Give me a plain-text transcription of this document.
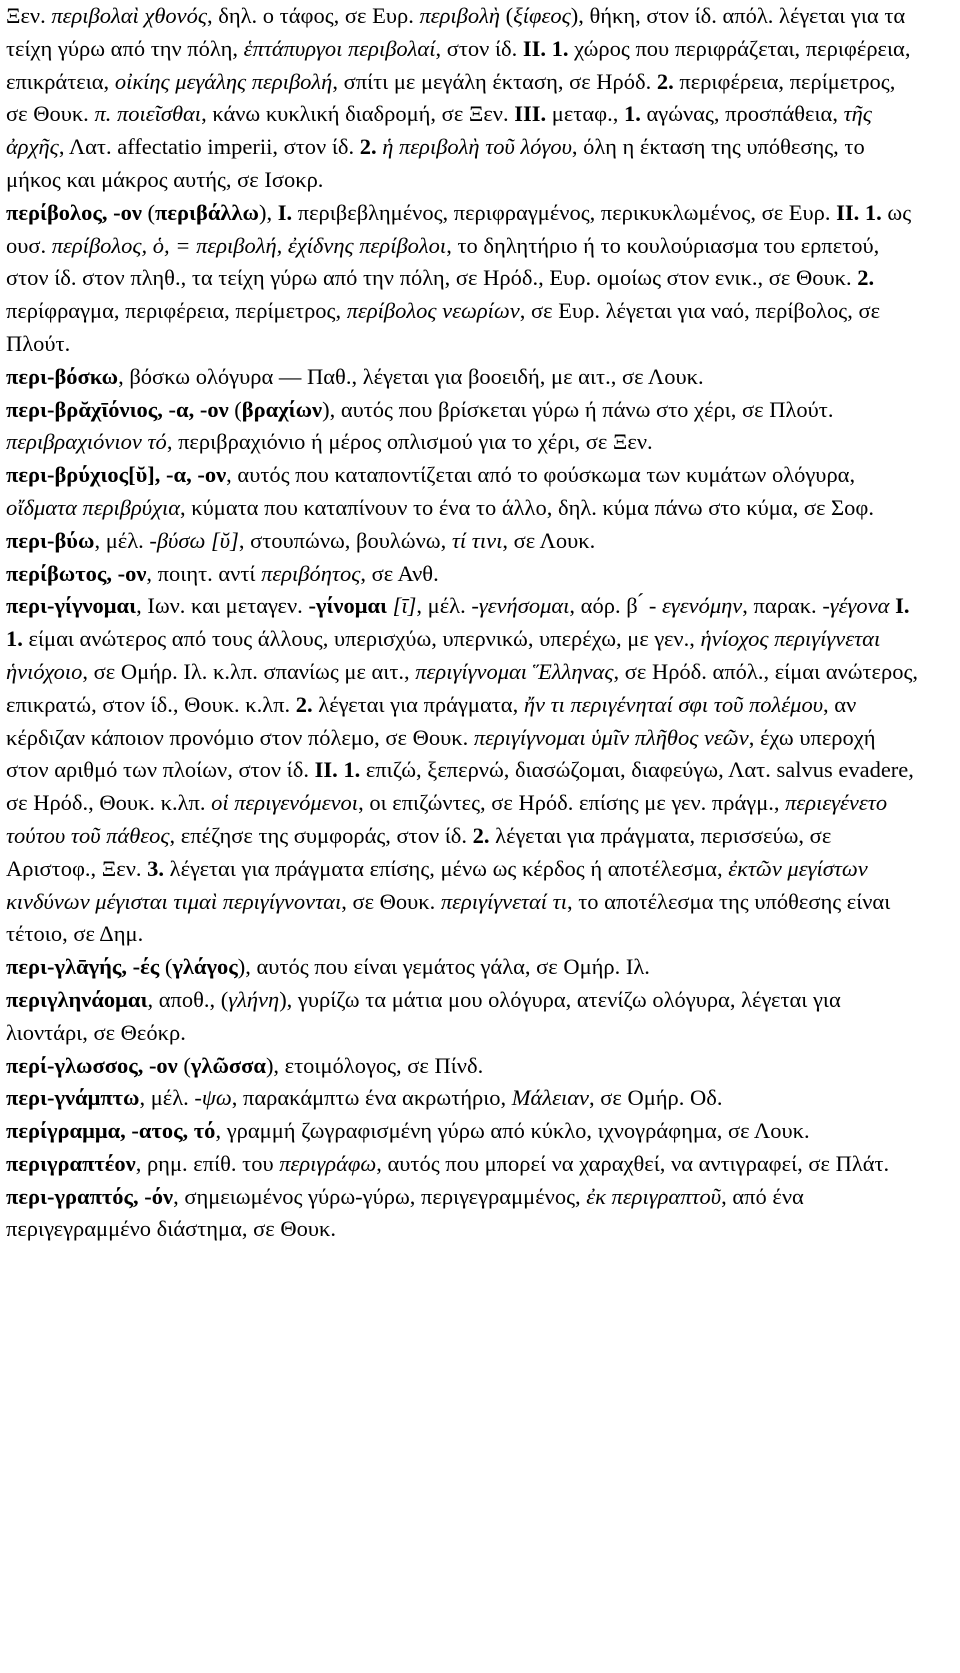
Ξεν. περιβολαὶ χθονός, δηλ. ο τάφος, σε Ευρ. περιβολὴ (ξίφεος), θήκη, στον ίδ. απόλ. λέγεται για τα τείχη γύρω από την πόλη, ἑπτάπυργοι περιβολαί, στον ίδ. II. 1. χώρος που περιφράζεται, περιφέρεια, επικράτεια, οἰκίης μεγάλης περιβολή, σπίτι με μεγάλη έκταση, σε Ηρόδ. 2. περιφέρεια, περίμετρος, σε Θουκ. π. ποιεῖσθαι, κάνω κυκλική διαδρομή, σε Ξεν. III. μεταφ., 1. αγώνας, προσπάθεια, τῆς ἀρχῆς, Λατ. affectatio imperii, στον ίδ. 2. ἡ περιβολὴ τοῦ λόγου, όλη η έκταση της υπόθεσης, το μήκος και μάκρος αυτής, σε Ισοκρ.

περίβολος, -ον (περιβάλλω), I. περιβεβλημένος, περιφραγμένος, περικυκλωμένος, σε Ευρ. II. 1. ως ουσ. περίβολος, ὁ, = περιβολή, ἐχίδνης περίβολοι, το δηλητήριο ή το κουλούριασμα του ερπετού, στον ίδ. στον πληθ., τα τείχη γύρω από την πόλη, σε Ηρόδ., Ευρ. ομοίως στον ενικ., σε Θουκ. 2. περίφραγμα, περιφέρεια, περίμετρος, περίβολος νεωρίων, σε Ευρ. λέγεται για ναό, περίβολος, σε Πλούτ.

περι-βόσκω, βόσκω ολόγυρα — Παθ., λέγεται για βοοειδή, με αιτ., σε Λουκ.

περι-βρᾰχῑόνιος, -α, -ον (βραχίων), αυτός που βρίσκεται γύρω ή πάνω στο χέρι, σε Πλούτ. περιβραχιόνιον τό, περιβραχιόνιο ή μέρος οπλισμού για το χέρι, σε Ξεν.

περι-βρύχιος[ῠ], -α, -ον, αυτός που καταποντίζεται από το φούσκωμα των κυμάτων ολόγυρα, οἴδματα περιβρύχια, κύματα που καταπίνουν το ένα το άλλο, δηλ. κύμα πάνω στο κύμα, σε Σοφ.

περι-βύω, μέλ. -βύσω [ῠ], στουπώνω, βουλώνω, τί τινι, σε Λουκ.

περίβωτος, -ον, ποιητ. αντί περιβόητος, σε Ανθ.

περι-γίγνομαι, Ιων. και μεταγεν. -γίνομαι [ῑ], μέλ. -γενήσομαι, αόρ. β ́ - εγενόμην, παρακ. -γέγονα I. 1. είμαι ανώτερος από τους άλλους, υπερισχύω, υπερνικώ, υπερέχω, με γεν., ἡνίοχος περιγίγνεται ἡνιόχοιο, σε Ομήρ. Ιλ. κ.λπ. σπανίως με αιτ., περιγίγνομαι Ἕλληνας, σε Ηρόδ. απόλ., είμαι ανώτερος, επικρατώ, στον ίδ., Θουκ. κ.λπ. 2. λέγεται για πράγματα, ἤν τι περιγένηταί σφι τοῦ πολέμου, αν κέρδιζαν κάποιον προνόμιο στον πόλεμο, σε Θουκ. περιγίγνομαι ὑμῖν πλῆθος νεῶν, έχω υπεροχή στον αριθμό των πλοίων, στον ίδ. II. 1. επιζώ, ξεπερνώ, διασώζομαι, διαφεύγω, Λατ. salvus evadere, σε Ηρόδ., Θουκ. κ.λπ. οἱ περιγενόμενοι, οι επιζώντες, σε Ηρόδ. επίσης με γεν. πράγμ., περιεγένετο τούτου τοῦ πάθεος, επέζησε της συμφοράς, στον ίδ. 2. λέγεται για πράγματα, περισσεύω, σε Αριστοφ., Ξεν. 3. λέγεται για πράγματα επίσης, μένω ως κέρδος ή αποτέλεσμα, ἐκτῶν μεγίστων κινδύνων μέγισται τιμαὶ περιγίγνονται, σε Θουκ. περιγίγνεταί τι, το αποτέλεσμα της υπόθεσης είναι τέτοιο, σε Δημ.

περι-γλᾱγής, -ές (γλάγος), αυτός που είναι γεμάτος γάλα, σε Ομήρ. Ιλ.

περιγληνάομαι, αποθ., (γλήνη), γυρίζω τα μάτια μου ολόγυρα, ατενίζω ολόγυρα, λέγεται για λιοντάρι, σε Θεόκρ.

περί-γλωσσος, -ον (γλῶσσα), ετοιμόλογος, σε Πίνδ.

περι-γνάμπτω, μέλ. -ψω, παρακάμπτω ένα ακρωτήριο, Μάλειαν, σε Ομήρ. Οδ.

περίγραμμα, -ατος, τό, γραμμή ζωγραφισμένη γύρω από κύκλο, ιχνογράφημα, σε Λουκ.

περιγραπτέον, ρημ. επίθ. του περιγράφω, αυτός που μπορεί να χαραχθεί, να αντιγραφεί, σε Πλάτ.

περι-γραπτός, -όν, σημειωμένος γύρω-γύρω, περιγεγραμμένος, ἐκ περιγραπτοῦ, από ένα περιγεγραμμένο διάστημα, σε Θουκ.
